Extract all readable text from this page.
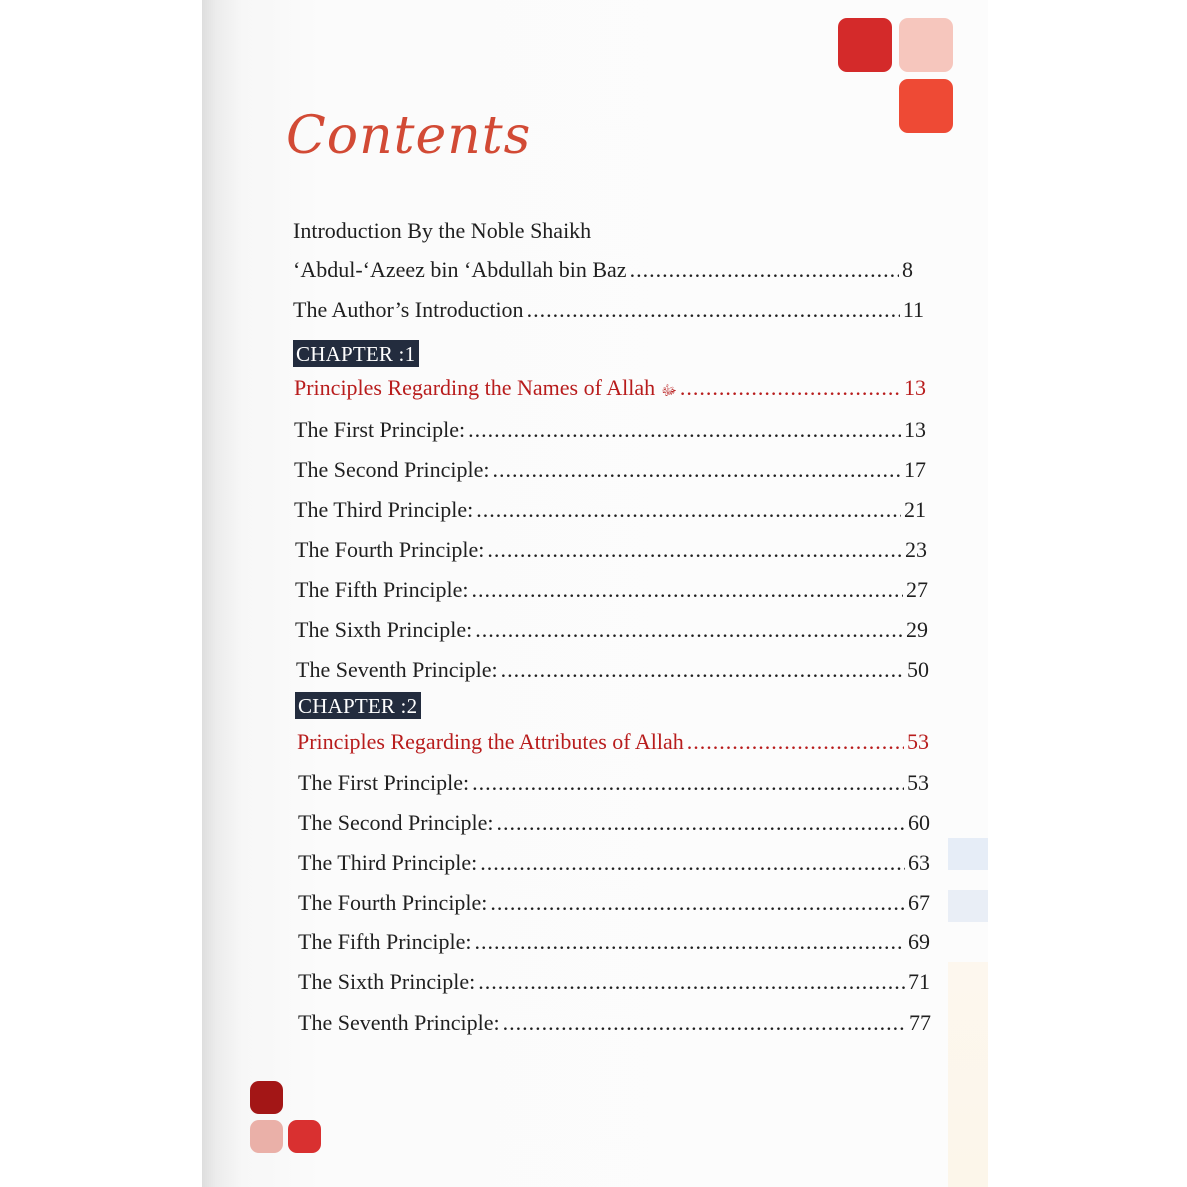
Contents
Introduction By the Noble Shaikh
‘Abdul-‘Azeez bin ‘Abdullah bin Baz .....	8
The Author’s Introduction .....	11
CHAPTER :1
Principles Regarding the Names of Allah ﷻ .....	13
The First Principle: .....	13
The Second Principle: .....	17
The Third Principle: .....	21
The Fourth Principle: .....	23
The Fifth Principle: .....	27
The Sixth Principle: .....	29
The Seventh Principle: .....	50
CHAPTER :2
Principles Regarding the Attributes of Allah .....	53
The First Principle: .....	53
The Second Principle: .....	60
The Third Principle: .....	63
The Fourth Principle: .....	67
The Fifth Principle: .....	69
The Sixth Principle: .....	71
The Seventh Principle: .....	77
